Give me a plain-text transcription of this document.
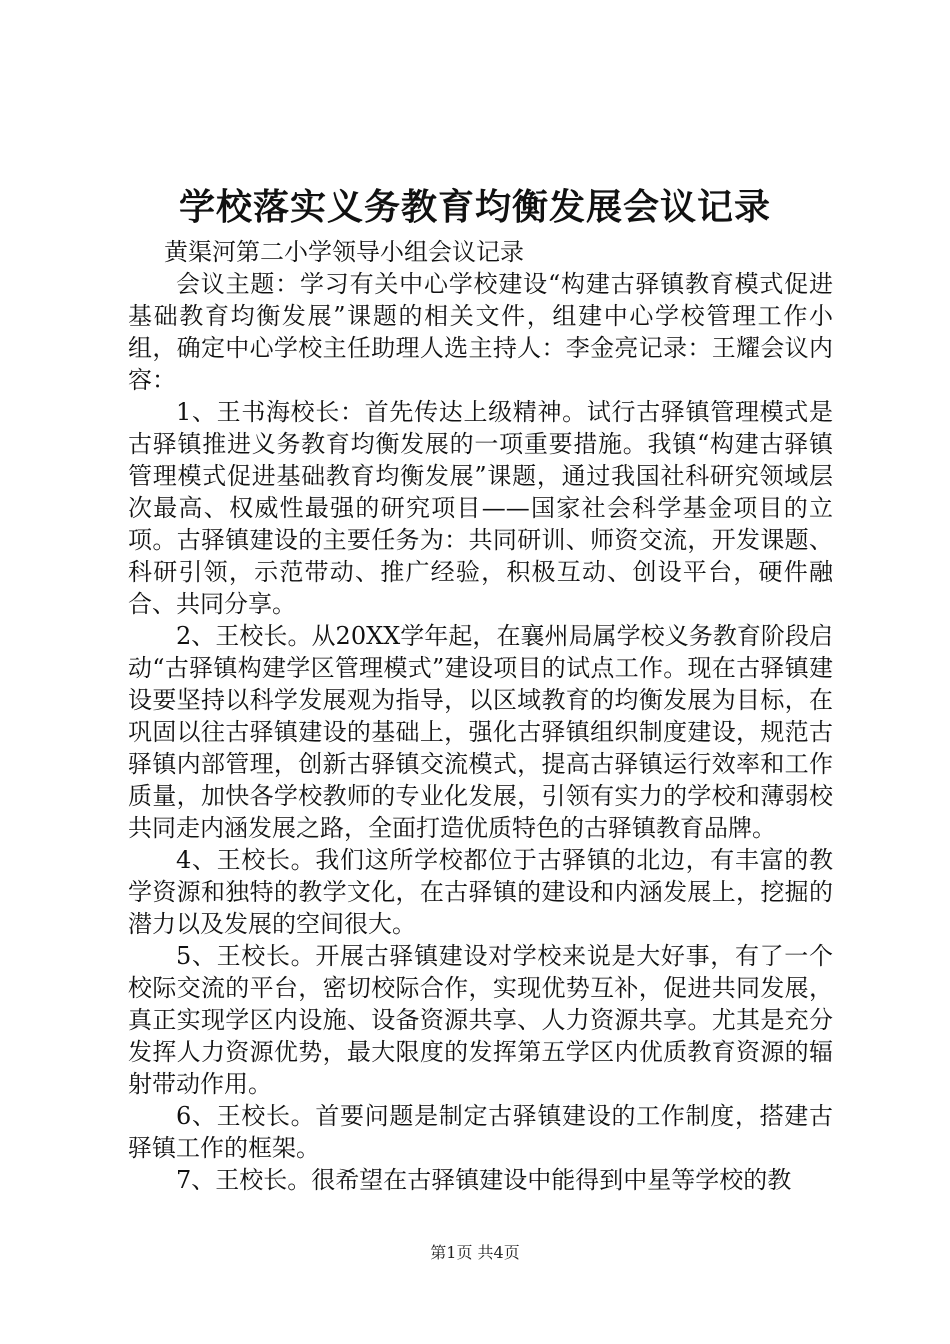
学校落实义务教育均衡发展会议记录

黄渠河第二小学领导小组会议记录

会议主题：学习有关中心学校建设“构建古驿镇教育模式促进基础教育均衡发展”课题的相关文件，组建中心学校管理工作小组，确定中心学校主任助理人选主持人：李金亮记录：王耀会议内容：

1、王书海校长：首先传达上级精神。试行古驿镇管理模式是古驿镇推进义务教育均衡发展的一项重要措施。我镇“构建古驿镇管理模式促进基础教育均衡发展”课题，通过我国社科研究领域层次最高、权威性最强的研究项目——国家社会科学基金项目的立项。古驿镇建设的主要任务为：共同研训、师资交流，开发课题、科研引领，示范带动、推广经验，积极互动、创设平台，硬件融合、共同分享。

2、王校长。从20XX学年起，在襄州局属学校义务教育阶段启动“古驿镇构建学区管理模式”建设项目的试点工作。现在古驿镇建设要坚持以科学发展观为指导，以区域教育的均衡发展为目标，在巩固以往古驿镇建设的基础上，强化古驿镇组织制度建设，规范古驿镇内部管理，创新古驿镇交流模式，提高古驿镇运行效率和工作质量，加快各学校教师的专业化发展，引领有实力的学校和薄弱校共同走内涵发展之路，全面打造优质特色的古驿镇教育品牌。

4、王校长。我们这所学校都位于古驿镇的北边，有丰富的教学资源和独特的教学文化，在古驿镇的建设和内涵发展上，挖掘的潜力以及发展的空间很大。

5、王校长。开展古驿镇建设对学校来说是大好事，有了一个校际交流的平台，密切校际合作，实现优势互补，促进共同发展，真正实现学区内设施、设备资源共享、人力资源共享。尤其是充分发挥人力资源优势，最大限度的发挥第五学区内优质教育资源的辐射带动作用。

6、王校长。首要问题是制定古驿镇建设的工作制度，搭建古驿镇工作的框架。

7、王校长。很希望在古驿镇建设中能得到中星等学校的教

第1页 共4页
